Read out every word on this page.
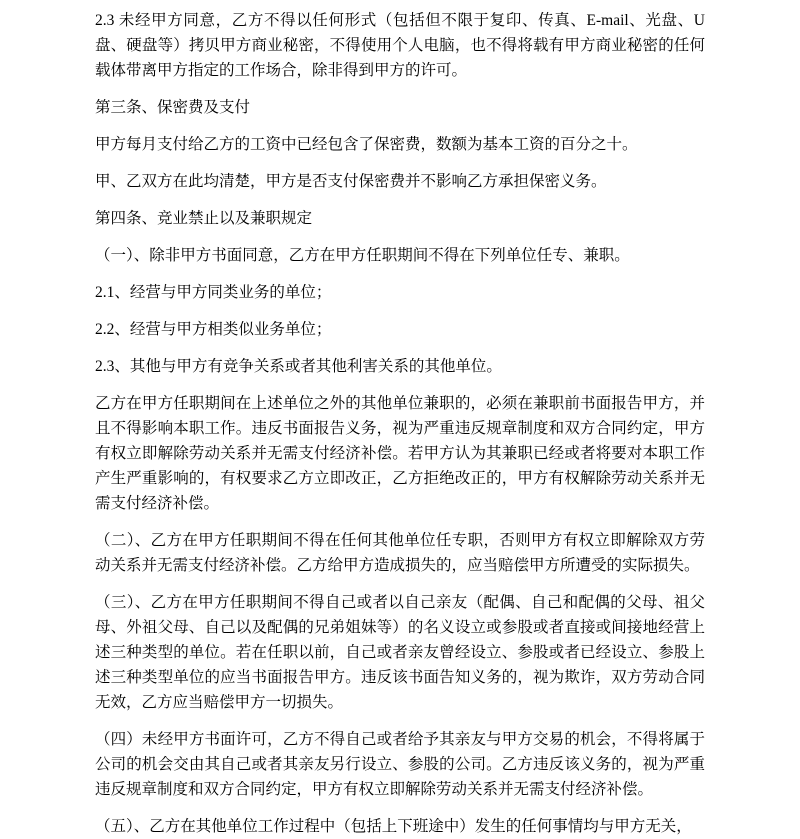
2.3 未经甲方同意，乙方不得以任何形式（包括但不限于复印、传真、E-mail、光盘、U盘、硬盘等）拷贝甲方商业秘密，不得使用个人电脑，也不得将载有甲方商业秘密的任何载体带离甲方指定的工作场合，除非得到甲方的许可。

第三条、保密费及支付

甲方每月支付给乙方的工资中已经包含了保密费，数额为基本工资的百分之十。

甲、乙双方在此均清楚，甲方是否支付保密费并不影响乙方承担保密义务。

第四条、竞业禁止以及兼职规定

（一）、除非甲方书面同意，乙方在甲方任职期间不得在下列单位任专、兼职。

2.1、经营与甲方同类业务的单位；

2.2、经营与甲方相类似业务单位；

2.3、其他与甲方有竞争关系或者其他利害关系的其他单位。

乙方在甲方任职期间在上述单位之外的其他单位兼职的，必须在兼职前书面报告甲方，并且不得影响本职工作。违反书面报告义务，视为严重违反规章制度和双方合同约定，甲方有权立即解除劳动关系并无需支付经济补偿。若甲方认为其兼职已经或者将要对本职工作产生严重影响的，有权要求乙方立即改正，乙方拒绝改正的，甲方有权解除劳动关系并无需支付经济补偿。

（二）、乙方在甲方任职期间不得在任何其他单位任专职，否则甲方有权立即解除双方劳动关系并无需支付经济补偿。乙方给甲方造成损失的，应当赔偿甲方所遭受的实际损失。

（三）、乙方在甲方任职期间不得自己或者以自己亲友（配偶、自己和配偶的父母、祖父母、外祖父母、自己以及配偶的兄弟姐妹等）的名义设立或参股或者直接或间接地经营上述三种类型的单位。若在任职以前，自己或者亲友曾经设立、参股或者已经设立、参股上述三种类型单位的应当书面报告甲方。违反该书面告知义务的，视为欺诈，双方劳动合同无效，乙方应当赔偿甲方一切损失。

（四）未经甲方书面许可，乙方不得自己或者给予其亲友与甲方交易的机会，不得将属于公司的机会交由其自己或者其亲友另行设立、参股的公司。乙方违反该义务的，视为严重违反规章制度和双方合同约定，甲方有权立即解除劳动关系并无需支付经济补偿。

（五）、乙方在其他单位工作过程中（包括上下班途中）发生的任何事情均与甲方无关，
